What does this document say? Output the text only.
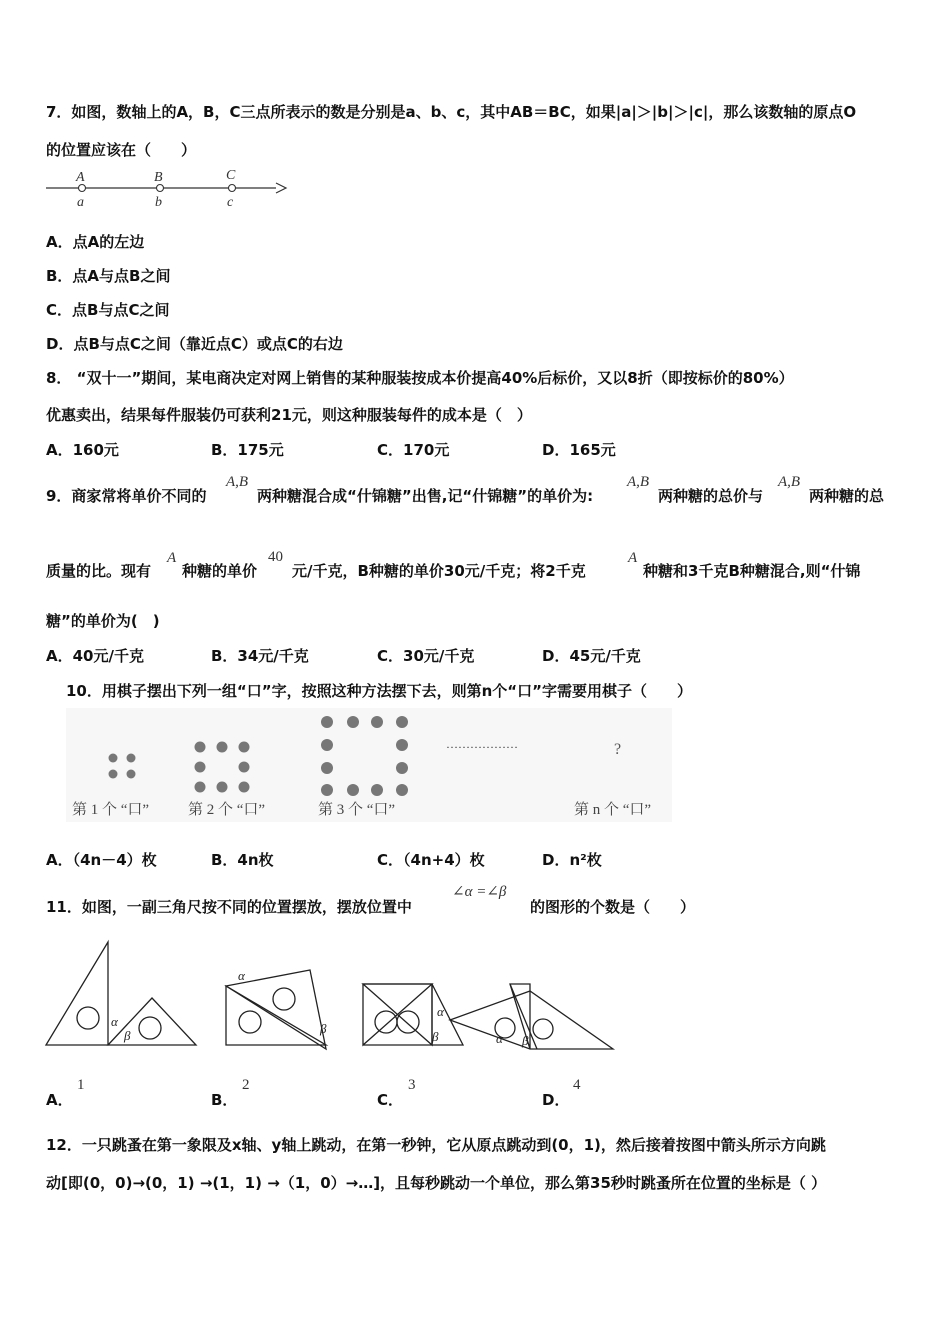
7．如图，数轴上的A，B，C三点所表示的数是分别是a、b、c，其中AB＝BC，如果|a|＞|b|＞|c|，那么该数轴的原点O
的位置应该在（　　）
A	B	C
a	b	c
A．点A的左边
B．点A与点B之间
C．点B与点C之间
D．点B与点C之间（靠近点C）或点C的右边
8． “双十一”期间，某电商决定对网上销售的某种服装按成本价提高40%后标价，又以8折（即按标价的80%）
优惠卖出，结果每件服装仍可获利21元，则这种服装每件的成本是（　）
A．160元	B．175元	C．170元	D．165元
9．商家常将单价不同的
A,B
两种糖混合成“什锦糖”出售,记“什锦糖”的单价为:
A,B
两种糖的总价与
A,B
两种糖的总
质量的比。现有
A
种糖的单价
40
元/千克，B种糖的单价30元/千克；将2千克
A
种糖和3千克B种糖混合,则“什锦
糖”的单价为(　)
A．40元/千克	B．34元/千克	C．30元/千克	D．45元/千克
10．用棋子摆出下列一组“口”字，按照这种方法摆下去，则第n个“口”字需要用棋子（　　）
………………	?
第 1 个 “口”	第 2 个 “口”	第 3 个 “口”	第 n 个 “口”
A．（4n－4）枚	B．4n枚	C．（4n+4）枚	D．n²枚
11．如图，一副三角尺按不同的位置摆放，摆放位置中
∠α =∠β
的图形的个数是（　　）
α
β
α
β
α
β	α β
A．
1
B．
2
C．
3
D．
4
12．一只跳蚤在第一象限及x轴、y轴上跳动，在第一秒钟，它从原点跳动到(0，1)，然后接着按图中箭头所示方向跳
动[即(0，0)→(0，1) →(1，1) →（1，0）→…]，且每秒跳动一个单位，那么第35秒时跳蚤所在位置的坐标是（ ）
